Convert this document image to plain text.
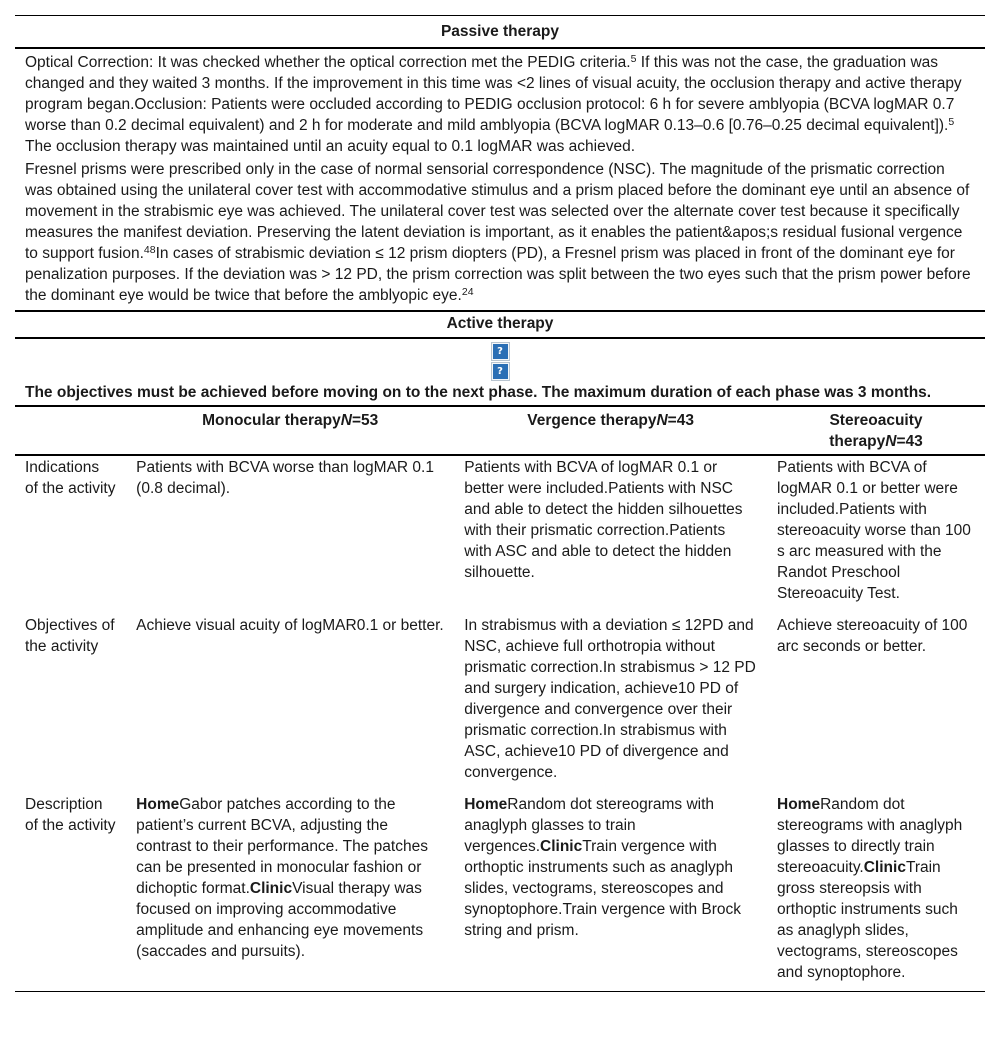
Passive therapy

Optical Correction: It was checked whether the optical correction met the PEDIG criteria.$^5$ If this was not the case, the graduation was changed and they waited 3 months. If the improvement in this time was <2 lines of visual acuity, the occlusion therapy and active therapy program began.Occlusion: Patients were occluded according to PEDIG occlusion protocol: 6 h for severe amblyopia (BCVA logMAR 0.7 worse than 0.2 decimal equivalent) and 2 h for moderate and mild amblyopia (BCVA logMAR 0.13–0.6 [0.76–0.25 decimal equivalent]).$^5$ The occlusion therapy was maintained until an acuity equal to 0.1 logMAR was achieved.

Fresnel prisms were prescribed only in the case of normal sensorial correspondence (NSC). The magnitude of the prismatic correction was obtained using the unilateral cover test with accommodative stimulus and a prism placed before the dominant eye until an absence of movement in the strabismic eye was achieved. The unilateral cover test was selected over the alternate cover test because it specifically measures the manifest deviation. Preserving the latent deviation is important, as it enables the patient&apos;s residual fusional vergence to support fusion.$^{48}$In cases of strabismic deviation ≤ 12 prism diopters (PD), a Fresnel prism was placed in front of the dominant eye for penalization purposes. If the deviation was > 12 PD, the prism correction was split between the two eyes such that the prism power before the dominant eye would be twice that before the amblyopic eye.$^{24}$

Active therapy
?

?
The objectives must be achieved before moving on to the next phase. The maximum duration of each phase was 3 months.
	Monocular therapyN=53	Vergence therapyN=43	Stereoacuity therapyN=43
Indications of the activity	Patients with BCVA worse than logMAR 0.1 (0.8 decimal).	Patients with BCVA of logMAR 0.1 or better were included.Patients with NSC and able to detect the hidden silhouettes with their prismatic correction.Patients with ASC and able to detect the hidden silhouette.	Patients with BCVA of logMAR 0.1 or better were included.Patients with stereoacuity worse than 100 s arc measured with the Randot Preschool Stereoacuity Test.
Objectives of the activity	Achieve visual acuity of logMAR0.1 or better.	In strabismus with a deviation ≤ 12PD and NSC, achieve full orthotropia without prismatic correction.In strabismus > 12 PD and surgery indication, achieve10 PD of divergence and convergence over their prismatic correction.In strabismus with ASC, achieve10 PD of divergence and convergence.	Achieve stereoacuity of 100 arc seconds or better.
Description of the activity	HomeGabor patches according to the patient’s current BCVA, adjusting the contrast to their performance. The patches can be presented in monocular fashion or dichoptic format.ClinicVisual therapy was focused on improving accommodative amplitude and enhancing eye movements (saccades and pursuits).	HomeRandom dot stereograms with anaglyph glasses to train vergences.ClinicTrain vergence with orthoptic instruments such as anaglyph slides, vectograms, stereoscopes and synoptophore.Train vergence with Brock string and prism.	HomeRandom dot stereograms with anaglyph glasses to directly train stereoacuity.ClinicTrain gross stereopsis with orthoptic instruments such as anaglyph slides, vectograms, stereoscopes and synoptophore.
